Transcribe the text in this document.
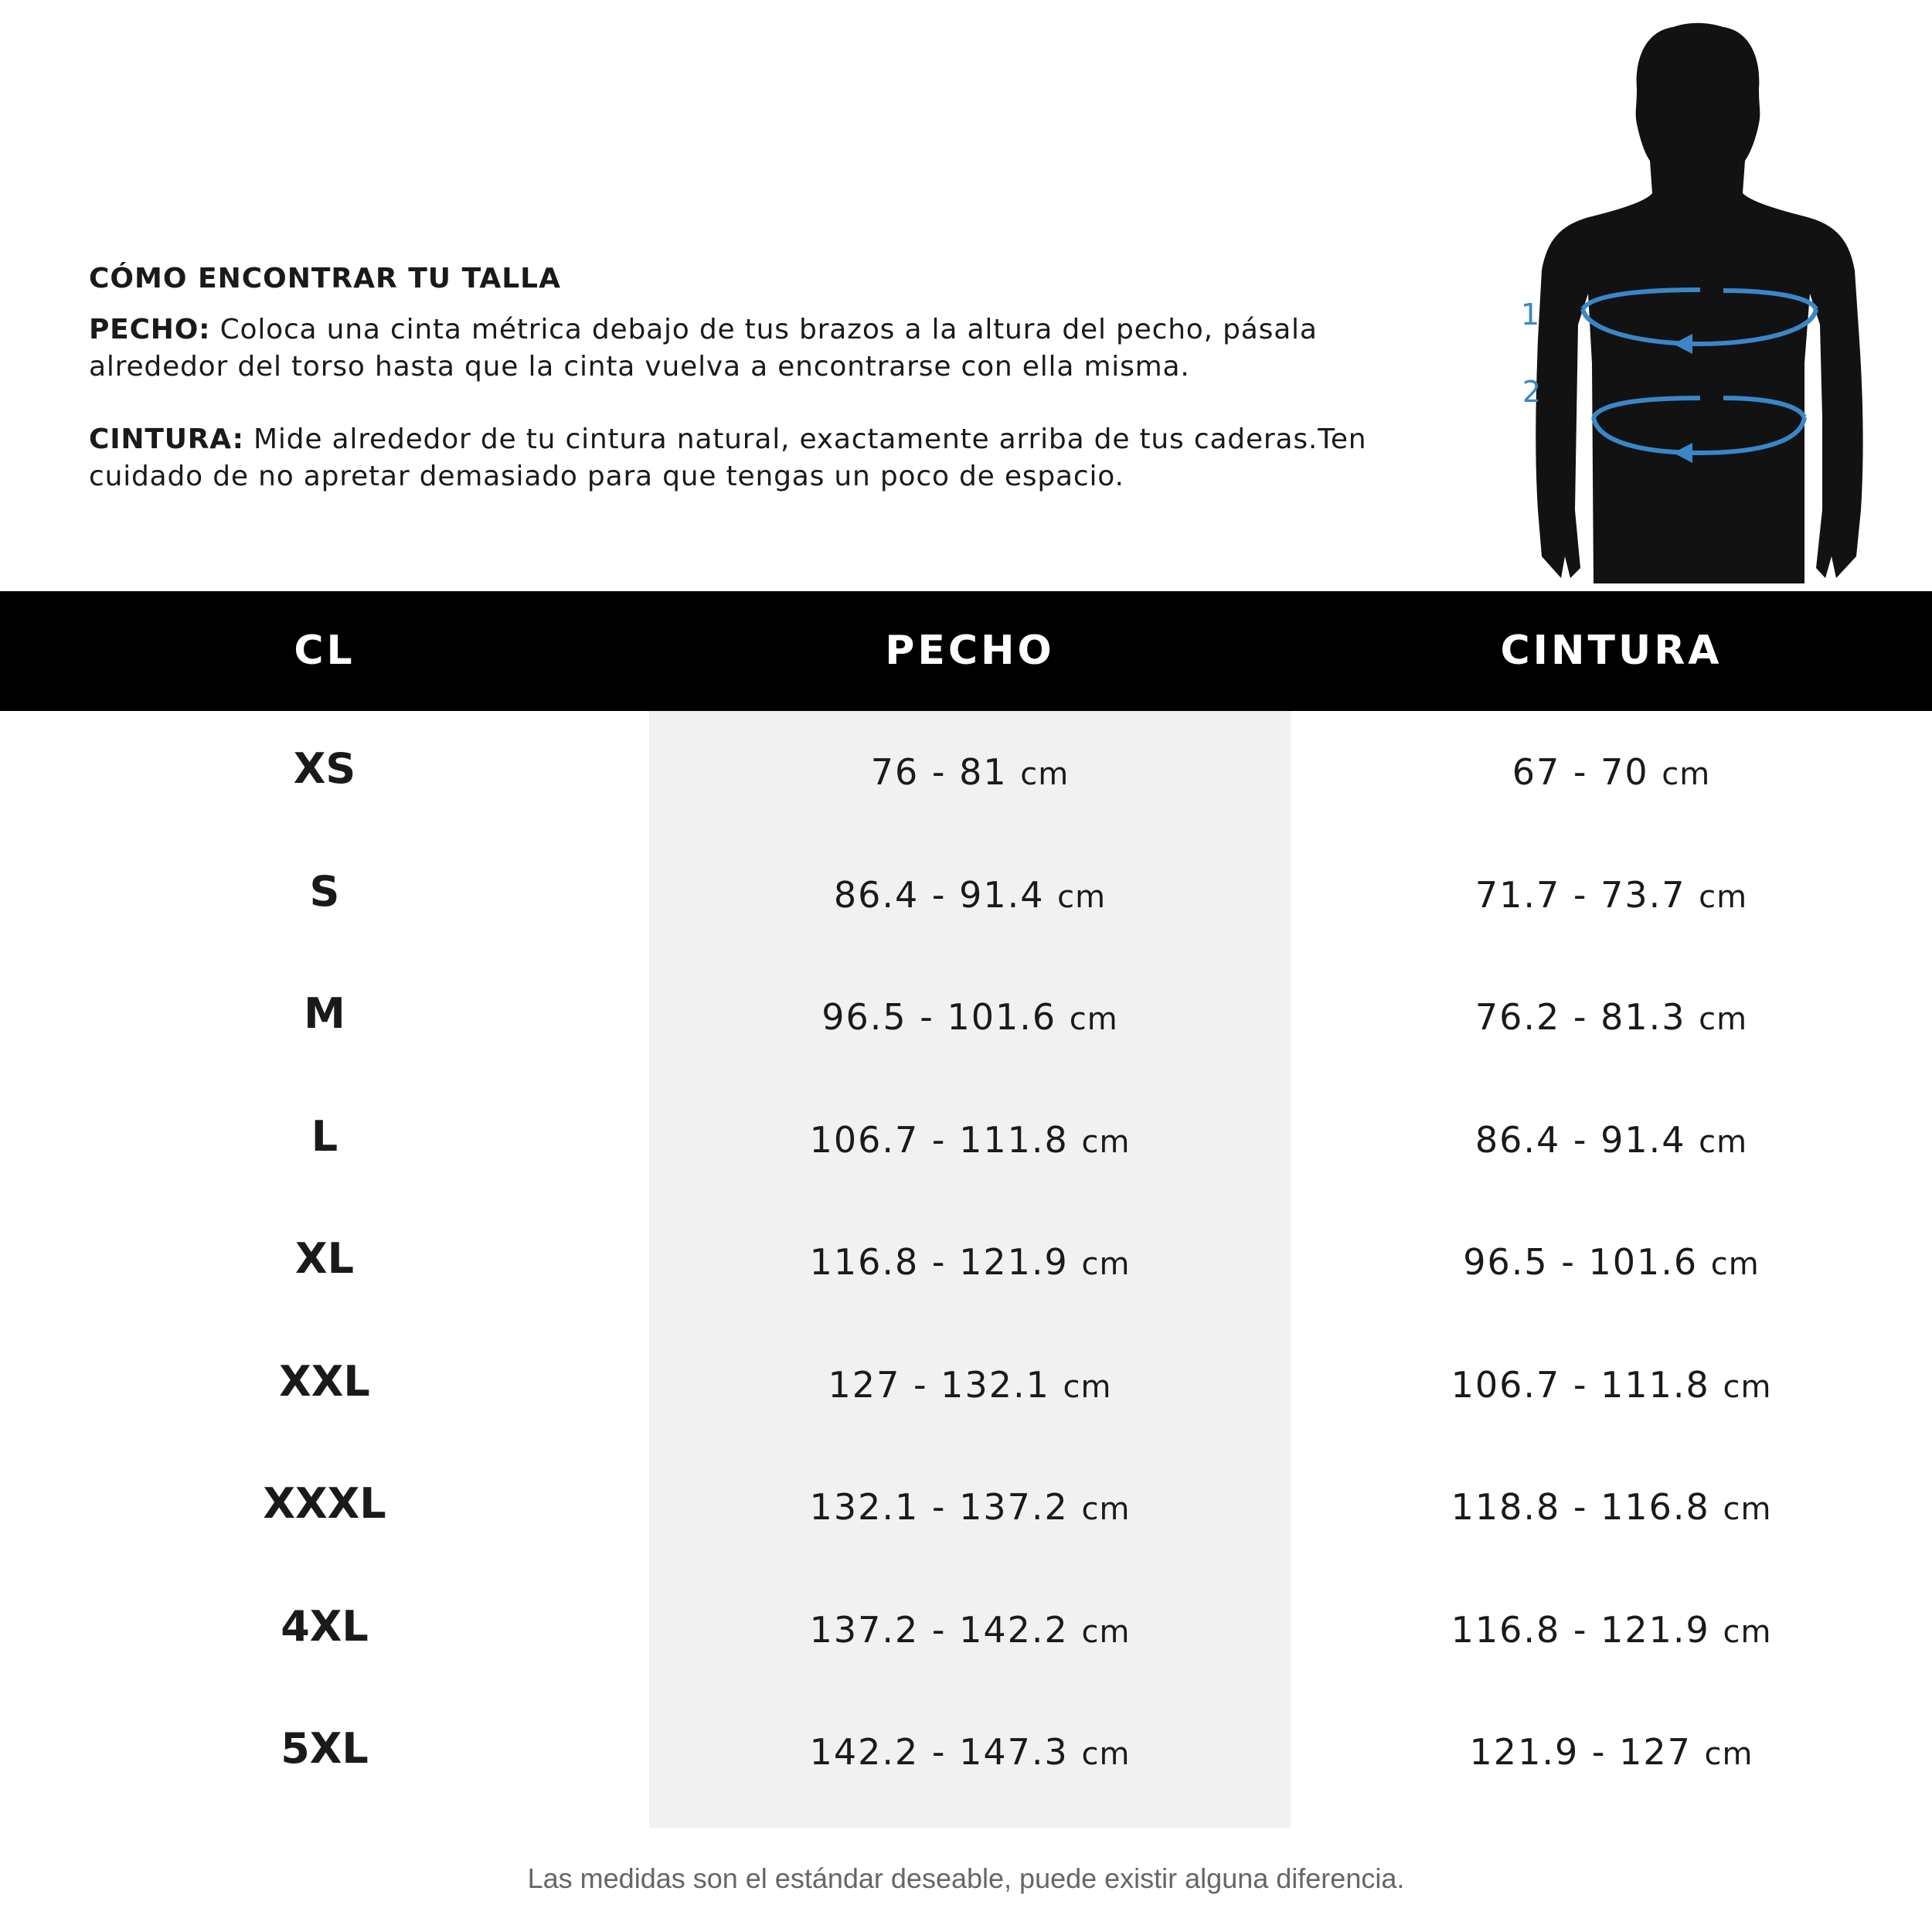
CÓMO ENCONTRAR TU TALLA

PECHO: Coloca una cinta métrica debajo de tus brazos a la altura del pecho, pásala alrededor del torso hasta que la cinta vuelva a encontrarse con ella misma.

CINTURA: Mide alrededor de tu cintura natural, exactamente arriba de tus caderas.Ten cuidado de no apretar demasiado para que tengas un poco de espacio.

1
2
CL	PECHO	CINTURA
XS	76 - 81 cm	67 - 70 cm
S	86.4 - 91.4 cm	71.7 - 73.7 cm
M	96.5 - 101.6 cm	76.2 - 81.3 cm
L	106.7 - 111.8 cm	86.4 - 91.4 cm
XL	116.8 - 121.9 cm	96.5 - 101.6 cm
XXL	127 - 132.1 cm	106.7 - 111.8 cm
XXXL	132.1 - 137.2 cm	118.8 - 116.8 cm
4XL	137.2 - 142.2 cm	116.8 - 121.9 cm
5XL	142.2 - 147.3 cm	121.9 - 127 cm
Las medidas son el estándar deseable, puede existir alguna diferencia.
